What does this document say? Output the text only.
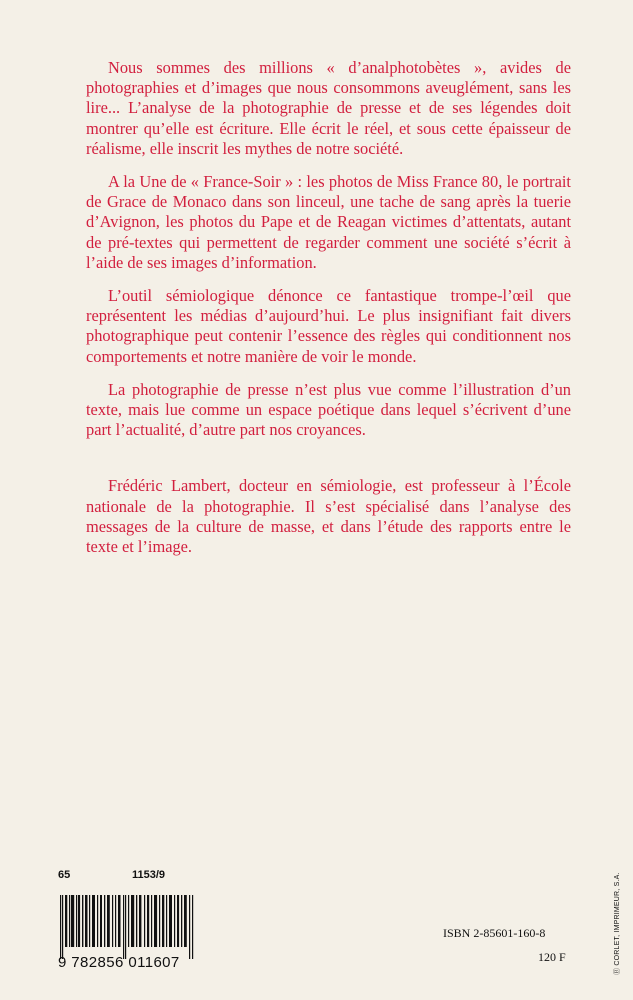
Nous sommes des millions « d’analphotobètes », avides de photographies et d’images que nous consommons aveuglément, sans les lire... L’analyse de la photographie de presse et de ses légendes doit montrer qu’elle est écriture. Elle écrit le réel, et sous cette épaisseur de réalisme, elle inscrit les mythes de notre société.

A la Une de « France-Soir » : les photos de Miss France 80, le portrait de Grace de Monaco dans son linceul, une tache de sang après la tuerie d’Avignon, les photos du Pape et de Reagan victimes d’attentats, autant de pré-textes qui permettent de regarder comment une société s’écrit à l’aide de ses images d’information.

L’outil sémiologique dénonce ce fantastique trompe-l’œil que représentent les médias d’aujourd’hui. Le plus insignifiant fait divers photographique peut contenir l’essence des règles qui conditionnent nos comportements et notre manière de voir le monde.

La photographie de presse n’est plus vue comme l’illustration d’un texte, mais lue comme un espace poétique dans lequel s’écrivent d’une part l’actualité, d’autre part nos croyances.

Frédéric Lambert, docteur en sémiologie, est professeur à l’École nationale de la photographie. Il s’est spécialisé dans l’analyse des messages de la culture de masse, et dans l’étude des rapports entre le texte et l’image.

65	1153/9
9 782856 011607
ISBN 2-85601-160-8
120 F	Ⓑ CORLET, IMPRIMEUR, S.A.
